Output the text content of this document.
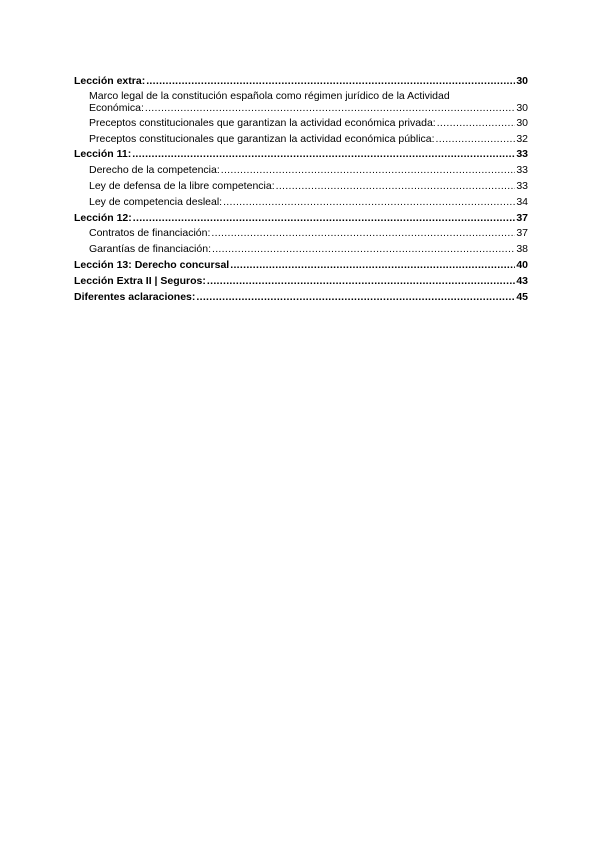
Lección extra: .....	30
Marco legal de la constitución española como régimen jurídico de la Actividad
Económica: .....	30
Preceptos constitucionales que garantizan la actividad económica privada: .....	30
Preceptos constitucionales que garantizan la actividad económica pública: .....	32
Lección 11: .....	33
Derecho de la competencia: .....	33
Ley de defensa de la libre competencia: .....	33
Ley de competencia desleal: .....	34
Lección 12: .....	37
Contratos de financiación: .....	37
Garantías de financiación: .....	38
Lección 13: Derecho concursal .....	40
Lección Extra II | Seguros: .....	43
Diferentes aclaraciones: .....	45
